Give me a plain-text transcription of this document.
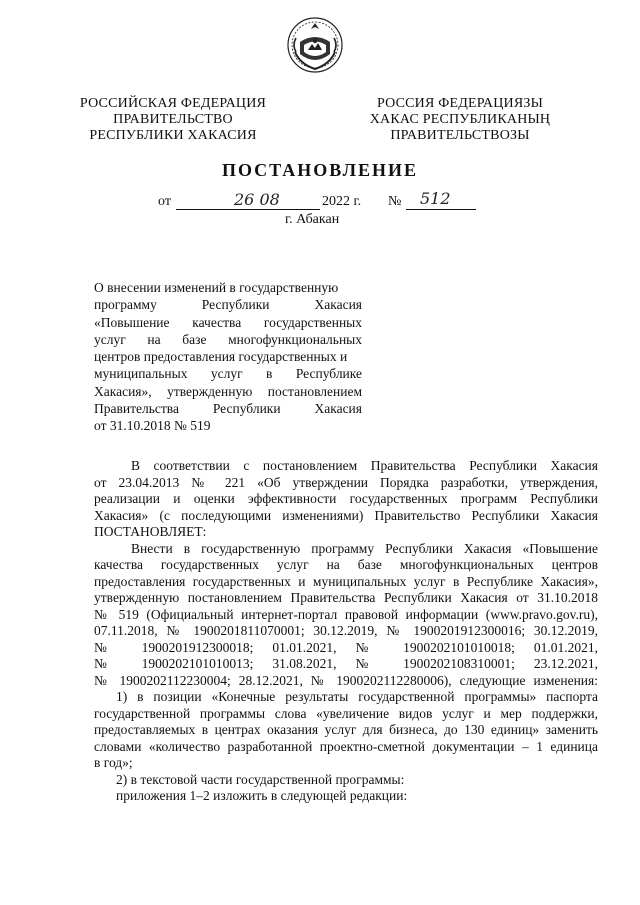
РОССИЙСКАЯ ФЕДЕРАЦИЯ
ПРАВИТЕЛЬСТВО
РЕСПУБЛИКИ ХАКАСИЯ
РОССИЯ ФЕДЕРАЦИЯЗЫ
ХАКАС РЕСПУБЛИКАНЫҢ
ПРАВИТЕЛЬСТВОЗЫ
ПОСТАНОВЛЕНИЕ
от	26 08	2022 г. № 512
г. Абакан
О внесении изменений в государственную
программу Республики Хакасия
«Повышение качества государственных
услуг на базе многофункциональных
центров предоставления государственных и
муниципальных услуг в Республике
Хакасия», утвержденную постановлением
Правительства Республики Хакасия
от 31.10.2018 № 519
В соответствии с постановлением Правительства Республики Хакасия
от 23.04.2013 № 221 «Об утверждении Порядка разработки, утверждения,
реализации и оценки эффективности государственных программ Республики
Хакасия» (с последующими изменениями) Правительство Республики Хакасия
ПОСТАНОВЛЯЕТ:
Внести в государственную программу Республики Хакасия «Повышение
качества государственных услуг на базе многофункциональных центров
предоставления государственных и муниципальных услуг в Республике Хакасия»,
утвержденную постановлением Правительства Республики Хакасия от 31.10.2018
№ 519 (Официальный интернет-портал правовой информации (www.pravo.gov.ru),
07.11.2018, № 1900201811070001; 30.12.2019, № 1900201912300016; 30.12.2019,
№ 1900201912300018; 01.01.2021, № 1900202101010018; 01.01.2021,
№ 1900202101010013; 31.08.2021, № 1900202108310001; 23.12.2021,
№ 1900202112230004; 28.12.2021, № 1900202112280006), следующие изменения:
1) в позиции «Конечные результаты государственной программы» паспорта
государственной программы слова «увеличение видов услуг и мер поддержки,
предоставляемых в центрах оказания услуг для бизнеса, до 130 единиц» заменить
словами «количество разработанной проектно-сметной документации – 1 единица
в год»;
2) в текстовой части государственной программы:
приложения 1–2 изложить в следующей редакции:
